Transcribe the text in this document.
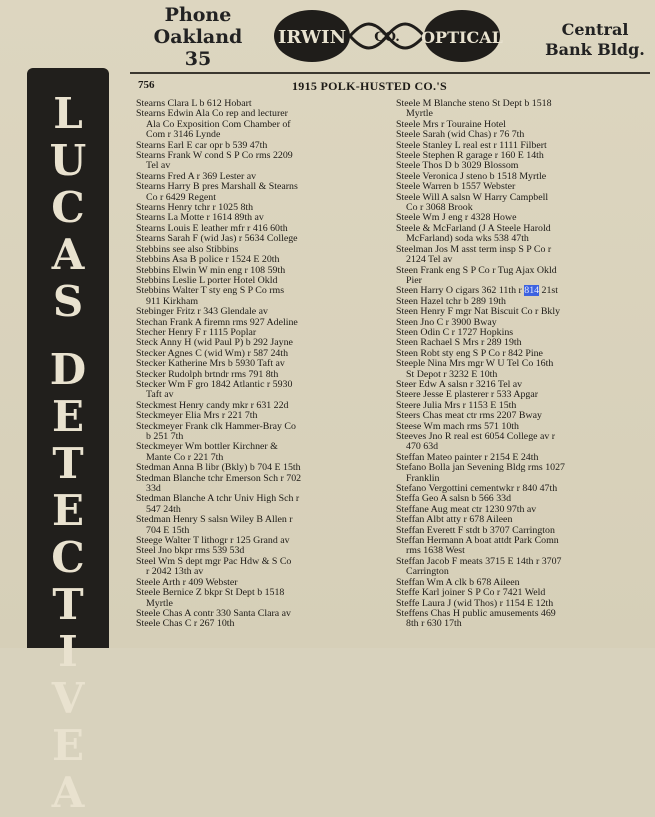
Phone
Oakland
35
IRWIN CO. OPTICAL	Central
Bank Bldg.
756	1915 POLK-HUSTED CO.'S
L
U
C
A
S
D
E
T
E
C
T
I
V
E
A
Stearns Clara L b 612 Hobart
Stearns Edwin Ala Co rep and lecturer
Ala Co Exposition Com Chamber of
Com r 3146 Lynde
Stearns Earl E car opr b 539 47th
Stearns Frank W cond S P Co rms 2209
Tel av
Stearns Fred A r 369 Lester av
Stearns Harry B pres Marshall & Stearns
Co r 6429 Regent
Stearns Henry tchr r 1025 8th
Stearns La Motte r 1614 89th av
Stearns Louis E leather mfr r 416 60th
Stearns Sarah F (wid Jas) r 5634 College
Stebbins see also Stibbins
Stebbins Asa B police r 1524 E 20th
Stebbins Elwin W min eng r 108 59th
Stebbins Leslie L porter Hotel Okld
Stebbins Walter T sty eng S P Co rms
911 Kirkham
Stebinger Fritz r 343 Glendale av
Stechan Frank A firemn rms 927 Adeline
Stecher Henry F r 1115 Poplar
Steck Anny H (wid Paul P) b 292 Jayne
Stecker Agnes C (wid Wm) r 587 24th
Stecker Katherine Mrs b 5930 Taft av
Stecker Rudolph brtndr rms 791 8th
Stecker Wm F gro 1842 Atlantic r 5930
Taft av
Steckmest Henry candy mkr r 631 22d
Steckmeyer Elia Mrs r 221 7th
Steckmeyer Frank clk Hammer-Bray Co
b 251 7th
Steckmeyer Wm bottler Kirchner &
Mante Co r 221 7th
Stedman Anna B libr (Bkly) b 704 E 15th
Stedman Blanche tchr Emerson Sch r 702
33d
Stedman Blanche A tchr Univ High Sch r
547 24th
Stedman Henry S salsn Wiley B Allen r
704 E 15th
Steege Walter T lithogr r 125 Grand av
Steel Jno bkpr rms 539 53d
Steel Wm S dept mgr Pac Hdw & S Co
r 2042 13th av
Steele Arth r 409 Webster
Steele Bernice Z bkpr St Dept b 1518
Myrtle
Steele Chas A contr 330 Santa Clara av
Steele Chas C r 267 10th
Steele M Blanche steno St Dept b 1518
Myrtle
Steele Mrs r Touraine Hotel
Steele Sarah (wid Chas) r 76 7th
Steele Stanley L real est r 1111 Filbert
Steele Stephen R garage r 160 E 14th
Steele Thos D b 3029 Blossom
Steele Veronica J steno b 1518 Myrtle
Steele Warren b 1557 Webster
Steele Will A salsn W Harry Campbell
Co r 3068 Brook
Steele Wm J eng r 4328 Howe
Steele & McFarland (J A Steele Harold
McFarland) soda wks 538 47th
Steelman Jos M asst term insp S P Co r
2124 Tel av
Steen Frank eng S P Co r Tug Ajax Okld
Pier
Steen Harry O cigars 362 11th r 814 21st
Steen Hazel tchr b 289 19th
Steen Henry F mgr Nat Biscuit Co r Bkly
Steen Jno C r 3900 Bway
Steen Odin C r 1727 Hopkins
Steen Rachael S Mrs r 289 19th
Steen Robt sty eng S P Co r 842 Pine
Steeple Nina Mrs mgr W U Tel Co 16th
St Depot r 3232 E 10th
Steer Edw A salsn r 3216 Tel av
Steere Jesse E plasterer r 533 Apgar
Steere Julia Mrs r 1153 E 15th
Steers Chas meat ctr rms 2207 Bway
Steese Wm mach rms 571 10th
Steeves Jno R real est 6054 College av r
470 63d
Steffan Mateo painter r 2154 E 24th
Stefano Bolla jan Sevening Bldg rms 1027
Franklin
Stefano Vergottini cementwkr r 840 47th
Steffa Geo A salsn b 566 33d
Steffane Aug meat ctr 1230 97th av
Steffan Albt atty r 678 Aileen
Steffan Everett F stdt b 3707 Carrington
Steffan Hermann A boat attdt Park Comn
rms 1638 West
Steffan Jacob F meats 3715 E 14th r 3707
Carrington
Steffan Wm A clk b 678 Aileen
Steffe Karl joiner S P Co r 7421 Weld
Steffe Laura J (wid Thos) r 1154 E 12th
Steffens Chas H public amusements 469
8th r 630 17th
